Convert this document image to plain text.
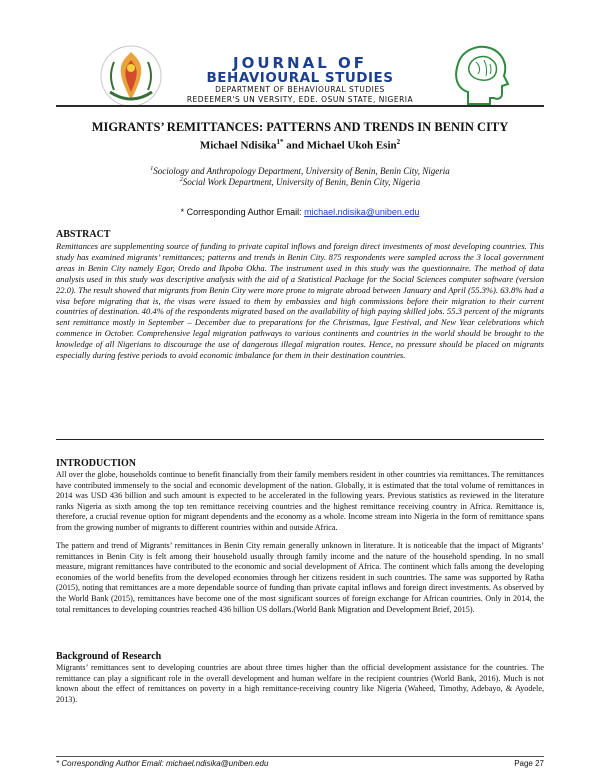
JOURNAL OF
BEHAVIOURAL STUDIES
DEPARTMENT OF BEHAVIOURAL STUDIES
REDEEMER'S UN VERSITY, EDE. OSUN STATE, NIGERIA
MIGRANTS’ REMITTANCES: PATTERNS AND TRENDS IN BENIN CITY
Michael Ndisika$^{1*}$ and Michael Ukoh Esin$^2$
$^1$Sociology and Anthropology Department, University of Benin, Benin City, Nigeria
$^2$Social Work Department, University of Benin, Benin City, Nigeria
* Corresponding Author Email: michael.ndisika@uniben.edu
ABSTRACT
Remittances are supplementing source of funding to private capital inflows and foreign direct investments of most developing countries. This study has examined migrants’ remittances; patterns and trends in Benin City. 875 respondents were sampled across the 3 local government areas in Benin City namely Egor, Oredo and Ikpoba Okha. The instrument used in this study was the questionnaire. The method of data analysis used in this study was descriptive analysis with the aid of a Statistical Package for the Social Sciences computer software (version 22.0). The result showed that migrants from Benin City were more prone to migrate abroad between January and April (55.3%). 63.8% had a visa before migrating that is, the visas were issued to them by embassies and high commissions before their migration to their current countries of destination. 40.4% of the respondents migrated based on the availability of high paying skilled jobs. 55.3 percent of the migrants sent remittance mostly in September – December due to preparations for the Christmas, Igue Festival, and New Year celebrations which commence in October. Comprehensive legal migration pathways to various continents and countries in the world should be brought to the knowledge of all Nigerians to discourage the use of dangerous illegal migration routes. Hence, no pressure should be placed on migrants especially during festive periods to avoid economic imbalance for them in their destination countries.
INTRODUCTION
All over the globe, households continue to benefit financially from their family members resident in other countries via remittances. The remittances have contributed immensely to the social and economic development of the nation. Globally, it is estimated that the total volume of remittances in 2014 was USD 436 billion and such amount is expected to be accelerated in the following years. Previous statistics as reviewed in the literature ranks Nigeria as sixth among the top ten remittance receiving countries and the highest remittance receiving country in Africa. Remittance is, therefore, a crucial revenue option for migrant dependents and the economy as a whole. Income stream into Nigeria in the form of remittance spans from the growing number of migrants to different countries within and outside Africa.
The pattern and trend of Migrants’ remittances in Benin City remain generally unknown in literature. It is noticeable that the impact of Migrants’ remittances in Benin City is felt among their household usually through family income and the nature of the household spending. In no small measure, migrant remittances have contributed to the economic and social development of Africa. The continent which falls among the developing economies of the world benefits from the developed economies through her citizens resident in such countries. The same was supported by Ratha (2015), noting that remittances are a more dependable source of funding than private capital inflows and foreign direct investments. As observed by the World Bank (2015), remittances have become one of the most significant sources of foreign exchange for African countries. Only in 2014, the total remittances to developing countries reached 436 billion US dollars.(World Bank Migration and Development Brief, 2015).
Background of Research
Migrants’ remittances sent to developing countries are about three times higher than the official development assistance for the countries. The remittance can play a significant role in the overall development and human welfare in the recipient countries (World Bank, 2016). Much is not known about the effect of remittances on poverty in a high remittance-receiving country like Nigeria (Waheed, Timothy, Adebayo, & Ayodele, 2013).
* Corresponding Author Email: michael.ndisika@uniben.edu	Page 27
